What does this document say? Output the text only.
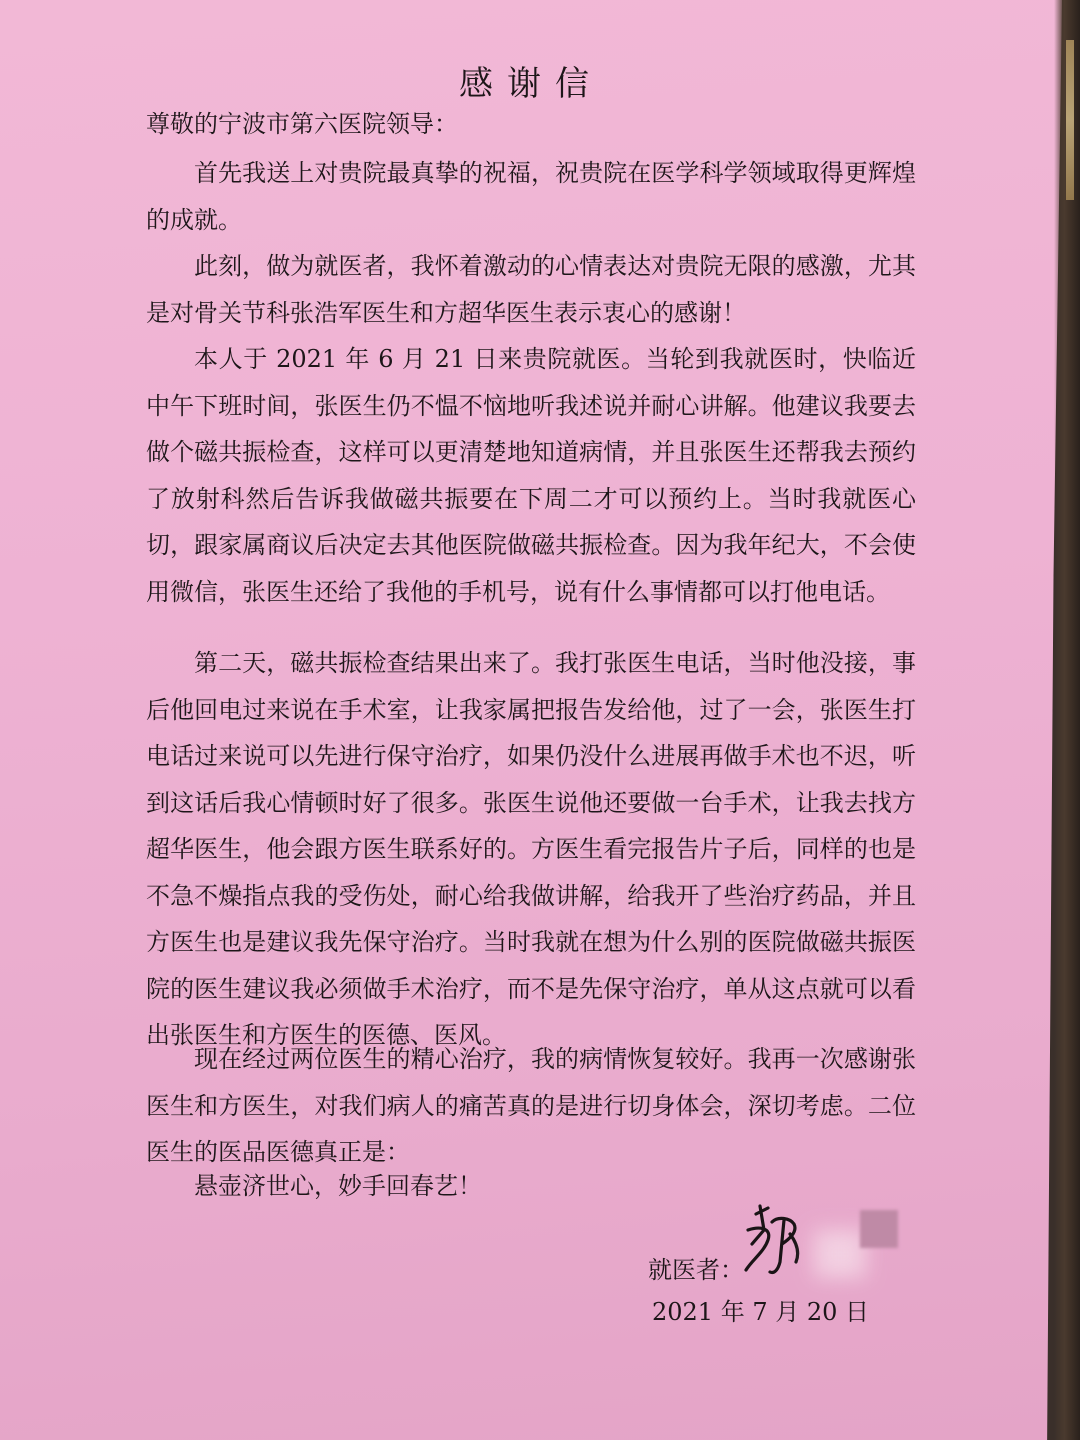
感谢信
尊敬的宁波市第六医院领导：

首先我送上对贵院最真挚的祝福，祝贵院在医学科学领域取得更辉煌的成就。

此刻，做为就医者，我怀着激动的心情表达对贵院无限的感激，尤其是对骨关节科张浩军医生和方超华医生表示衷心的感谢！

本人于 2021 年 6 月 21 日来贵院就医。当轮到我就医时，快临近中午下班时间，张医生仍不愠不恼地听我述说并耐心讲解。他建议我要去做个磁共振检查，这样可以更清楚地知道病情，并且张医生还帮我去预约了放射科然后告诉我做磁共振要在下周二才可以预约上。当时我就医心切，跟家属商议后决定去其他医院做磁共振检查。因为我年纪大，不会使用微信，张医生还给了我他的手机号，说有什么事情都可以打他电话。

第二天，磁共振检查结果出来了。我打张医生电话，当时他没接，事后他回电过来说在手术室，让我家属把报告发给他，过了一会，张医生打电话过来说可以先进行保守治疗，如果仍没什么进展再做手术也不迟，听到这话后我心情顿时好了很多。张医生说他还要做一台手术，让我去找方超华医生，他会跟方医生联系好的。方医生看完报告片子后，同样的也是不急不燥指点我的受伤处，耐心给我做讲解，给我开了些治疗药品，并且方医生也是建议我先保守治疗。当时我就在想为什么别的医院做磁共振医院的医生建议我必须做手术治疗，而不是先保守治疗，单从这点就可以看出张医生和方医生的医德、医风。

现在经过两位医生的精心治疗，我的病情恢复较好。我再一次感谢张医生和方医生，对我们病人的痛苦真的是进行切身体会，深切考虑。二位医生的医品医德真正是：

悬壶济世心，妙手回春艺！
就医者：
2021 年 7 月 20 日
